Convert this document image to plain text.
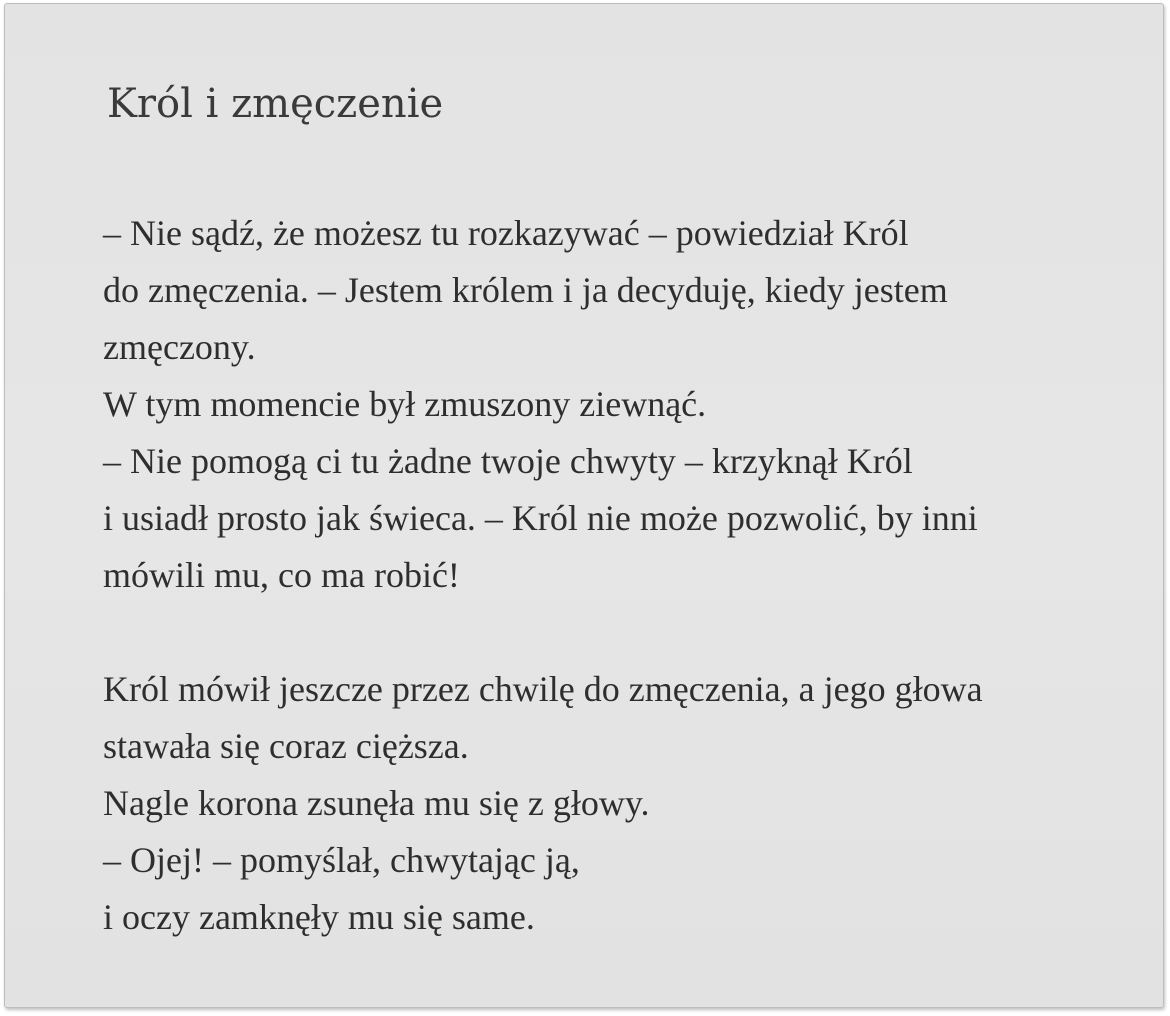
Król i zmęczenie
– Nie sądź, że możesz tu rozkazywać – powiedział Król
do zmęczenia. – Jestem królem i ja decyduję, kiedy jestem
zmęczony.
W tym momencie był zmuszony ziewnąć.
– Nie pomogą ci tu żadne twoje chwyty – krzyknął Król
i usiadł prosto jak świeca. – Król nie może pozwolić, by inni
mówili mu, co ma robić!
Król mówił jeszcze przez chwilę do zmęczenia, a jego głowa
stawała się coraz cięższa.
Nagle korona zsunęła mu się z głowy.
– Ojej! – pomyślał, chwytając ją,
i oczy zamknęły mu się same.
